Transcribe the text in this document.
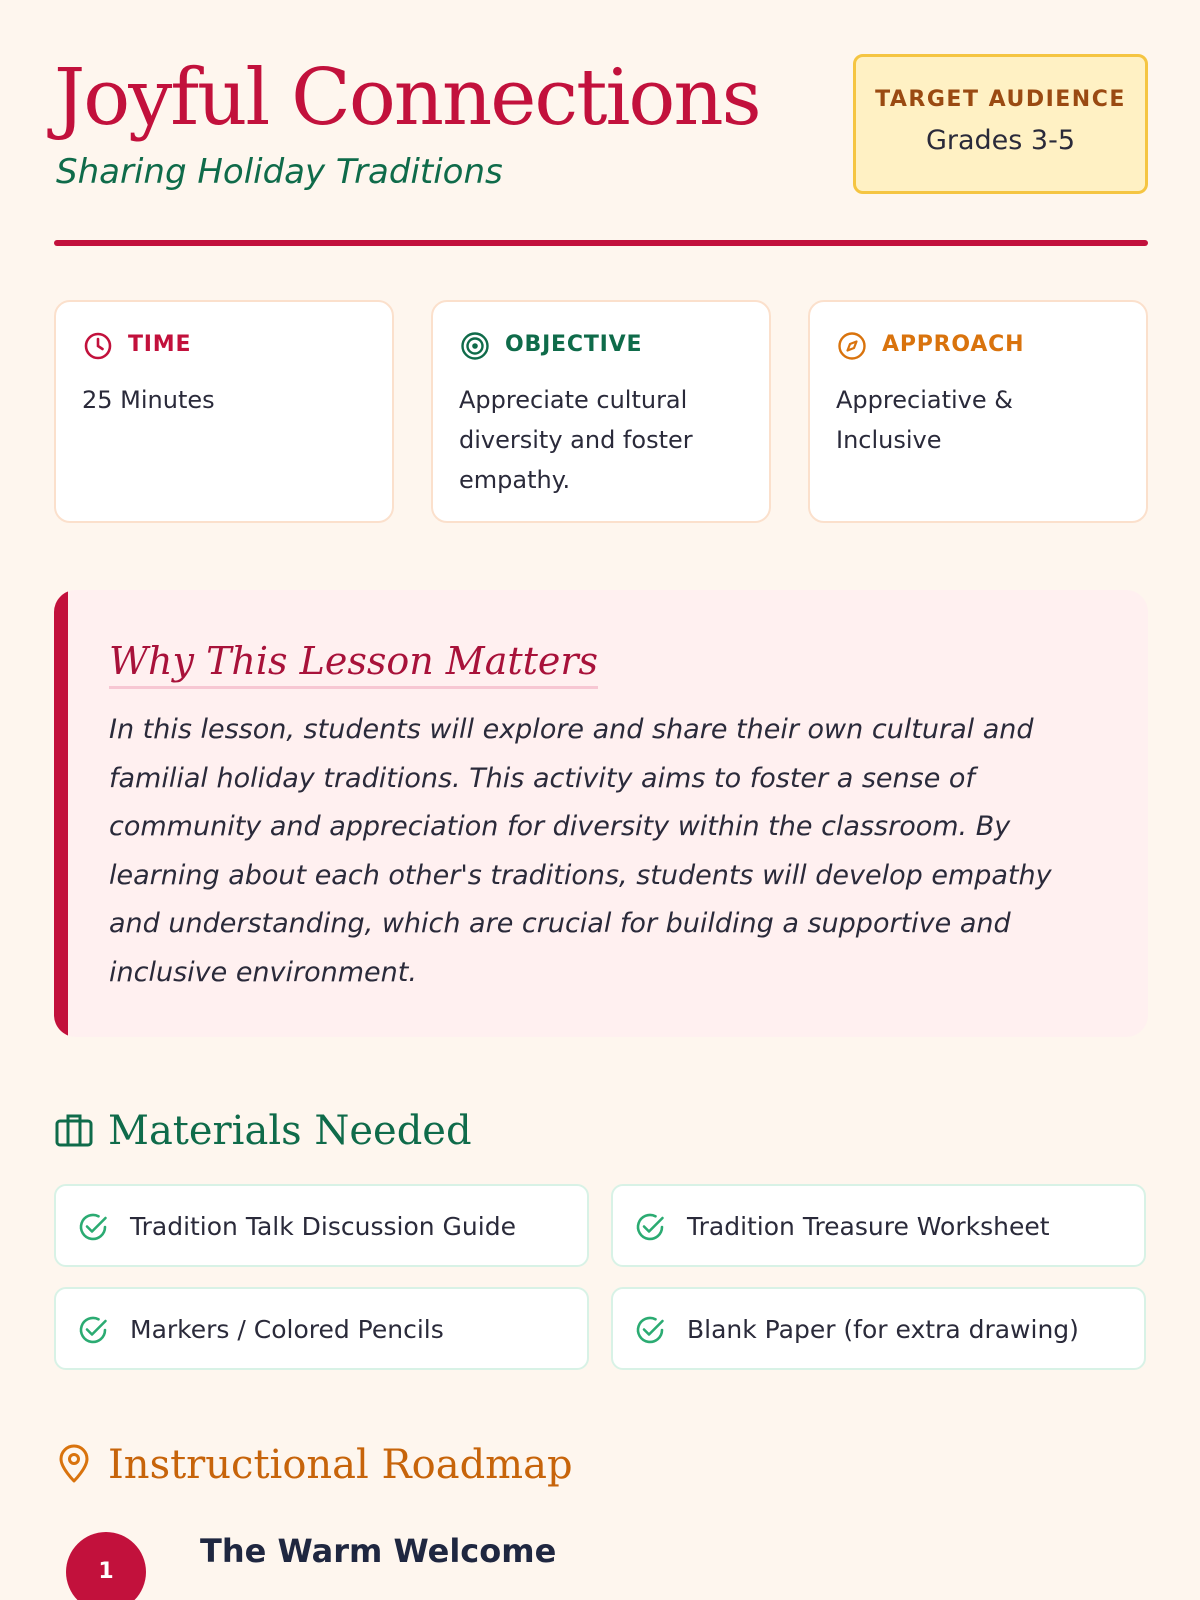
Joyful Connections
Sharing Holiday Traditions
TARGET AUDIENCE
Grades 3-5
TIME
25 Minutes
OBJECTIVE
Appreciate cultural diversity and foster empathy.
APPROACH
Appreciative & Inclusive
Why This Lesson Matters
In this lesson, students will explore and share their own cultural and familial holiday traditions. This activity aims to foster a sense of community and appreciation for diversity within the classroom. By learning about each other's traditions, students will develop empathy and understanding, which are crucial for building a supportive and inclusive environment.
Materials Needed
Tradition Talk Discussion Guide	Tradition Treasure Worksheet
Markers / Colored Pencils	Blank Paper (for extra drawing)
Instructional Roadmap
1
The Warm Welcome
